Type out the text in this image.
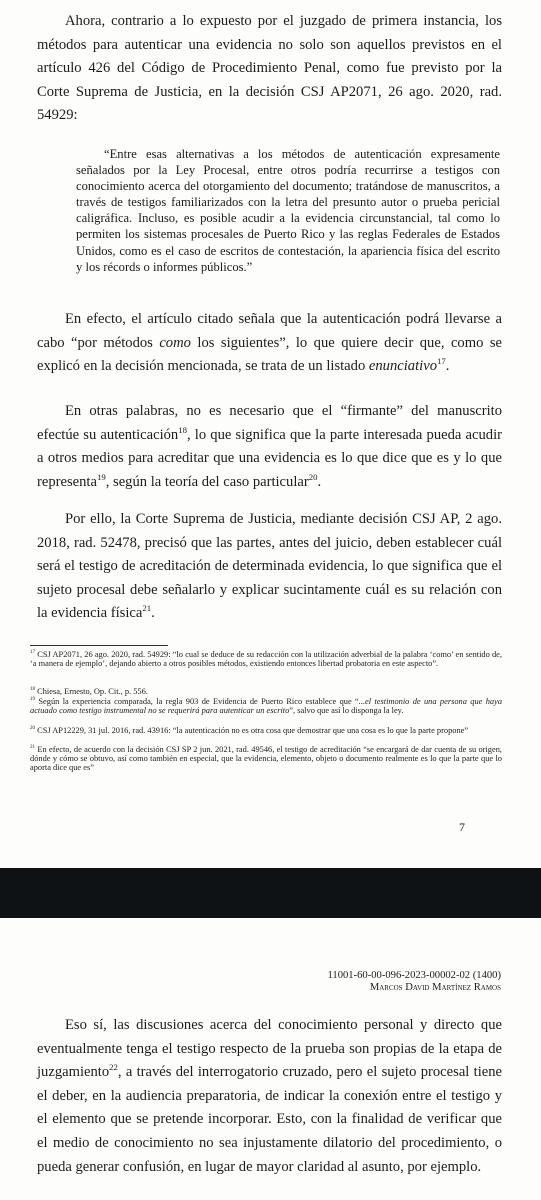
Ahora, contrario a lo expuesto por el juzgado de primera instancia, los métodos para autenticar una evidencia no solo son aquellos previstos en el artículo 426 del Código de Procedimiento Penal, como fue previsto por la Corte Suprema de Justicia, en la decisión CSJ AP2071, 26 ago. 2020, rad. 54929:

“Entre esas alternativas a los métodos de autenticación expresamente señalados por la Ley Procesal, entre otros podría recurrirse a testigos con conocimiento acerca del otorgamiento del documento; tratándose de manuscritos, a través de testigos familiarizados con la letra del presunto autor o prueba pericial caligráfica. Incluso, es posible acudir a la evidencia circunstancial, tal como lo permiten los sistemas procesales de Puerto Rico y las reglas Federales de Estados Unidos, como es el caso de escritos de contestación, la apariencia física del escrito y los récords o informes públicos.”

En efecto, el artículo citado señala que la autenticación podrá llevarse a cabo “por métodos como los siguientes”, lo que quiere decir que, como se explicó en la decisión mencionada, se trata de un listado enunciativo$^{17}$.

En otras palabras, no es necesario que el “firmante” del manuscrito efectúe su autenticación$^{18}$, lo que significa que la parte interesada pueda acudir a otros medios para acreditar que una evidencia es lo que dice que es y lo que representa$^{19}$, según la teoría del caso particular$^{20}$.

Por ello, la Corte Suprema de Justicia, mediante decisión CSJ AP, 2 ago. 2018, rad. 52478, precisó que las partes, antes del juicio, deben establecer cuál será el testigo de acreditación de determinada evidencia, lo que significa que el sujeto procesal debe señalarlo y explicar sucintamente cuál es su relación con la evidencia física$^{21}$.

$^{17}$ CSJ AP2071, 26 ago. 2020, rad. 54929: “lo cual se deduce de su redacción con la utilización adverbial de la palabra ‘como’ en sentido de, ‘a manera de ejemplo’, dejando abierto a otros posibles métodos, existiendo entonces libertad probatoria en este aspecto”.

$^{18}$ Chiesa, Ernesto, Op. Cit., p. 556.

$^{19}$ Según la experiencia comparada, la regla 903 de Evidencia de Puerto Rico establece que “...el testimonio de una persona que haya actuado como testigo instrumental no se requerirá para autenticar un escrito”, salvo que así lo disponga la ley.

$^{20}$ CSJ AP12229, 31 jul. 2016, rad. 43916: “la autenticación no es otra cosa que demostrar que una cosa es lo que la parte propone”

$^{21}$ En efecto, de acuerdo con la decisión CSJ SP 2 jun. 2021, rad. 49546, el testigo de acreditación “se encargará de dar cuenta de su origen, dónde y cómo se obtuvo, así como también en especial, que la evidencia, elemento, objeto o documento realmente es lo que la parte que lo aporta dice que es”

7
11001-60-00-096-2023-00002-02 (1400)
Marcos David Martínez Ramos

Eso sí, las discusiones acerca del conocimiento personal y directo que eventualmente tenga el testigo respecto de la prueba son propias de la etapa de juzgamiento$^{22}$, a través del interrogatorio cruzado, pero el sujeto procesal tiene el deber, en la audiencia preparatoria, de indicar la conexión entre el testigo y el elemento que se pretende incorporar. Esto, con la finalidad de verificar que el medio de conocimiento no sea injustamente dilatorio del procedimiento, o pueda generar confusión, en lugar de mayor claridad al asunto, por ejemplo.
